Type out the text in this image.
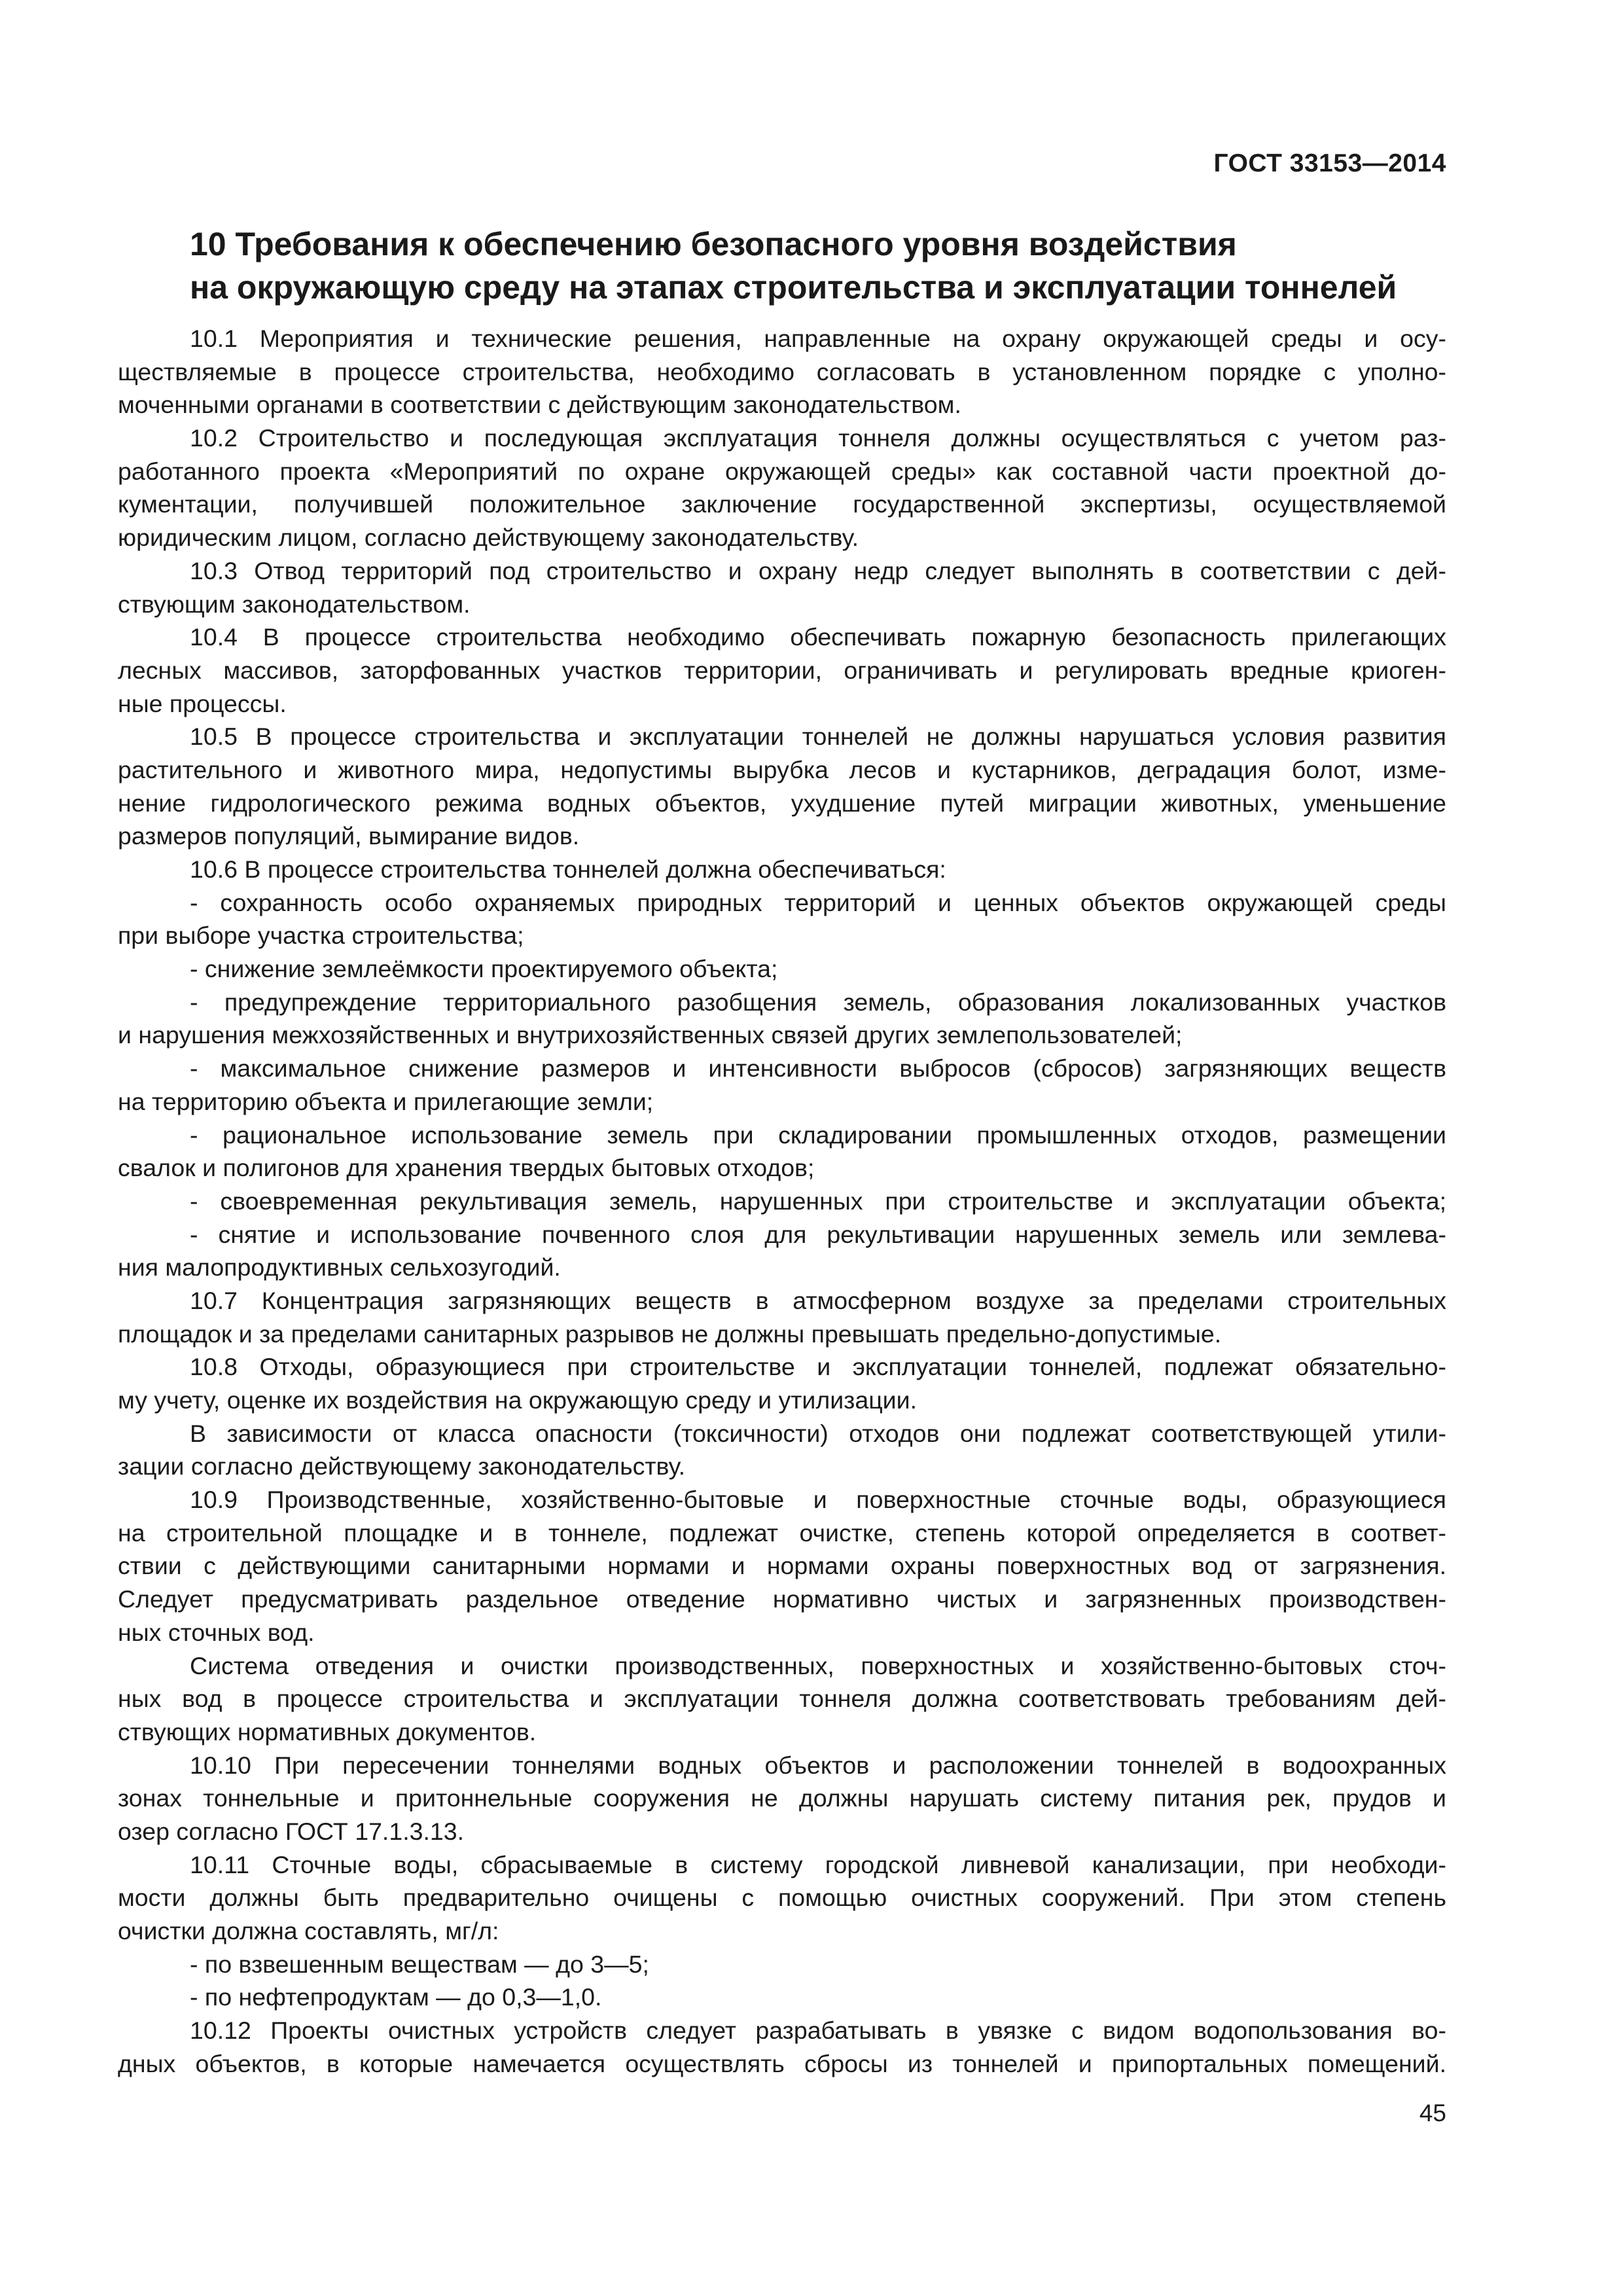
ГОСТ 33153—2014
10 Требования к обеспечению безопасного уровня воздействия
на окружающую среду на этапах строительства и эксплуатации тоннелей
10.1 Мероприятия и технические решения, направленные на охрану окружающей среды и осу-
ществляемые в процессе строительства, необходимо согласовать в установленном порядке с уполно-
моченными органами в соответствии с действующим законодательством.
10.2 Строительство и последующая эксплуатация тоннеля должны осуществляться с учетом раз-
работанного проекта «Мероприятий по охране окружающей среды» как составной части проектной до-
кументации, получившей положительное заключение государственной экспертизы, осуществляемой
юридическим лицом, согласно действующему законодательству.
10.3 Отвод территорий под строительство и охрану недр следует выполнять в соответствии с дей-
ствующим законодательством.
10.4 В процессе строительства необходимо обеспечивать пожарную безопасность прилегающих
лесных массивов, заторфованных участков территории, ограничивать и регулировать вредные криоген-
ные процессы.
10.5 В процессе строительства и эксплуатации тоннелей не должны нарушаться условия развития
растительного и животного мира, недопустимы вырубка лесов и кустарников, деградация болот, изме-
нение гидрологического режима водных объектов, ухудшение путей миграции животных, уменьшение
размеров популяций, вымирание видов.
10.6 В процессе строительства тоннелей должна обеспечиваться:
- сохранность особо охраняемых природных территорий и ценных объектов окружающей среды
при выборе участка строительства;
- снижение землеёмкости проектируемого объекта;
- предупреждение территориального разобщения земель, образования локализованных участков
и нарушения межхозяйственных и внутрихозяйственных связей других землепользователей;
- максимальное снижение размеров и интенсивности выбросов (сбросов) загрязняющих веществ
на территорию объекта и прилегающие земли;
- рациональное использование земель при складировании промышленных отходов, размещении
свалок и полигонов для хранения твердых бытовых отходов;
- своевременная рекультивация земель, нарушенных при строительстве и эксплуатации объекта;
- снятие и использование почвенного слоя для рекультивации нарушенных земель или землева-
ния малопродуктивных сельхозугодий.
10.7 Концентрация загрязняющих веществ в атмосферном воздухе за пределами строительных
площадок и за пределами санитарных разрывов не должны превышать предельно-допустимые.
10.8 Отходы, образующиеся при строительстве и эксплуатации тоннелей, подлежат обязательно-
му учету, оценке их воздействия на окружающую среду и утилизации.
В зависимости от класса опасности (токсичности) отходов они подлежат соответствующей утили-
зации согласно действующему законодательству.
10.9 Производственные, хозяйственно-бытовые и поверхностные сточные воды, образующиеся
на строительной площадке и в тоннеле, подлежат очистке, степень которой определяется в соответ-
ствии с действующими санитарными нормами и нормами охраны поверхностных вод от загрязнения.
Следует предусматривать раздельное отведение нормативно чистых и загрязненных производствен-
ных сточных вод.
Система отведения и очистки производственных, поверхностных и хозяйственно-бытовых сточ-
ных вод в процессе строительства и эксплуатации тоннеля должна соответствовать требованиям дей-
ствующих нормативных документов.
10.10 При пересечении тоннелями водных объектов и расположении тоннелей в водоохранных
зонах тоннельные и притоннельные сооружения не должны нарушать систему питания рек, прудов и
озер согласно ГОСТ 17.1.3.13.
10.11 Сточные воды, сбрасываемые в систему городской ливневой канализации, при необходи-
мости должны быть предварительно очищены с помощью очистных сооружений. При этом степень
очистки должна составлять, мг/л:
- по взвешенным веществам — до 3—5;
- по нефтепродуктам — до 0,3—1,0.
10.12 Проекты очистных устройств следует разрабатывать в увязке с видом водопользования во-
дных объектов, в которые намечается осуществлять сбросы из тоннелей и припортальных помещений.
45
